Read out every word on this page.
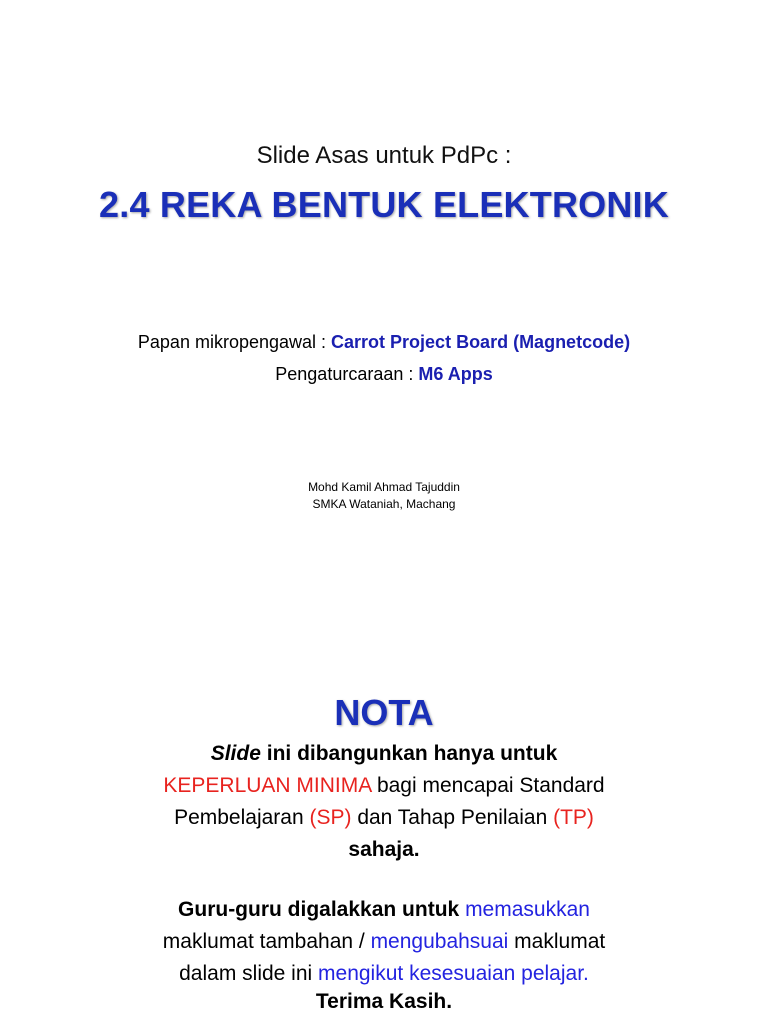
Slide Asas untuk PdPc :
2.4 REKA BENTUK ELEKTRONIK
Papan mikropengawal : Carrot Project Board (Magnetcode)
Pengaturcaraan : M6 Apps
Mohd Kamil Ahmad Tajuddin
SMKA Wataniah, Machang
NOTA
Slide ini dibangunkan hanya untuk
KEPERLUAN MINIMA bagi mencapai Standard
Pembelajaran (SP) dan Tahap Penilaian (TP)
sahaja.
Guru-guru digalakkan untuk memasukkan
maklumat tambahan / mengubahsuai maklumat
dalam slide ini mengikut kesesuaian pelajar.
Terima Kasih.
